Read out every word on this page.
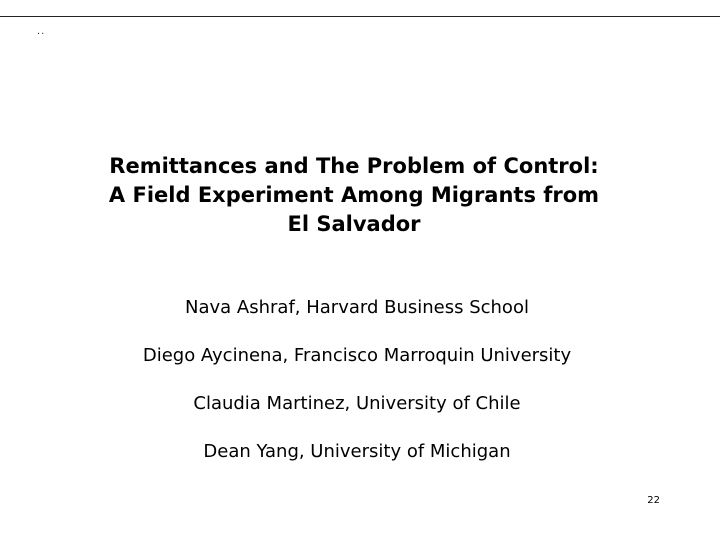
..
Remittances and The Problem of Control:
A Field Experiment Among Migrants from
El Salvador
Nava Ashraf, Harvard Business School
Diego Aycinena, Francisco Marroquin University
Claudia Martinez, University of Chile
Dean Yang, University of Michigan
22
